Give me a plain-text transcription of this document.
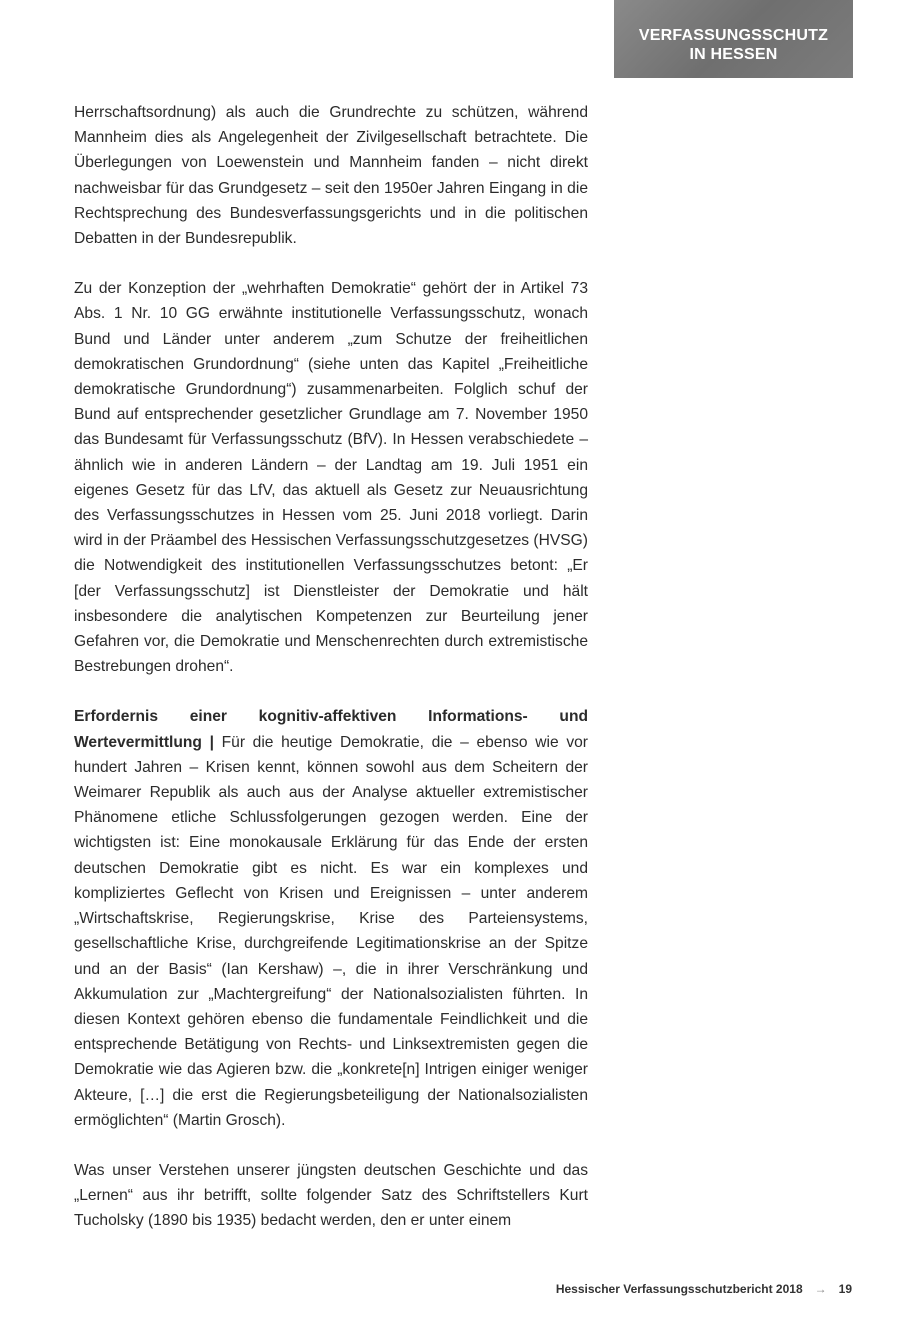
VERFASSUNGSSCHUTZ
IN HESSEN

Herrschaftsordnung) als auch die Grundrechte zu schützen, während Mannheim dies als Angelegenheit der Zivilgesellschaft betrachtete. Die Überlegungen von Loewenstein und Mannheim fanden – nicht direkt nachweisbar für das Grundgesetz – seit den 1950er Jahren Eingang in die Rechtsprechung des Bundesverfassungsgerichts und in die politischen Debatten in der Bundesrepublik.

Zu der Konzeption der „wehrhaften Demokratie“ gehört der in Artikel 73 Abs. 1 Nr. 10 GG erwähnte institutionelle Verfassungsschutz, wonach Bund und Länder unter anderem „zum Schutze der freiheitlichen demokratischen Grundordnung“ (siehe unten das Kapitel „Freiheitliche demokratische Grundordnung“) zusammenarbeiten. Folglich schuf der Bund auf entsprechender gesetzlicher Grundlage am 7. November 1950 das Bundesamt für Verfassungsschutz (BfV). In Hessen verabschiedete – ähnlich wie in anderen Ländern – der Landtag am 19. Juli 1951 ein eigenes Gesetz für das LfV, das aktuell als Gesetz zur Neuausrichtung des Verfassungsschutzes in Hessen vom 25. Juni 2018 vorliegt. Darin wird in der Präambel des Hessischen Verfassungsschutzgesetzes (HVSG) die Notwendigkeit des institutionellen Verfassungsschutzes betont: „Er [der Verfassungsschutz] ist Dienstleister der Demokratie und hält insbesondere die analytischen Kompetenzen zur Beurteilung jener Gefahren vor, die Demokratie und Menschenrechten durch extremistische Bestrebungen drohen“.

Erfordernis einer kognitiv-affektiven Informations- und Wertevermittlung | Für die heutige Demokratie, die – ebenso wie vor hundert Jahren – Krisen kennt, können sowohl aus dem Scheitern der Weimarer Republik als auch aus der Analyse aktueller extremistischer Phänomene etliche Schlussfolgerungen gezogen werden. Eine der wichtigsten ist: Eine monokausale Erklärung für das Ende der ersten deutschen Demokratie gibt es nicht. Es war ein komplexes und kompliziertes Geflecht von Krisen und Ereignissen – unter anderem „Wirtschaftskrise, Regierungskrise, Krise des Parteiensystems, gesellschaftliche Krise, durchgreifende Legitimationskrise an der Spitze und an der Basis“ (Ian Kershaw) –, die in ihrer Verschränkung und Akkumulation zur „Machtergreifung“ der Nationalsozialisten führten. In diesen Kontext gehören ebenso die fundamentale Feindlichkeit und die entsprechende Betätigung von Rechts- und Linksextremisten gegen die Demokratie wie das Agieren bzw. die „konkrete[n] Intrigen einiger weniger Akteure, […] die erst die Regierungsbeteiligung der Nationalsozialisten ermöglichten“ (Martin Grosch).

Was unser Verstehen unserer jüngsten deutschen Geschichte und das „Lernen“ aus ihr betrifft, sollte folgender Satz des Schriftstellers Kurt Tucholsky (1890 bis 1935) bedacht werden, den er unter einem

Hessischer Verfassungsschutzbericht 2018 → 19
